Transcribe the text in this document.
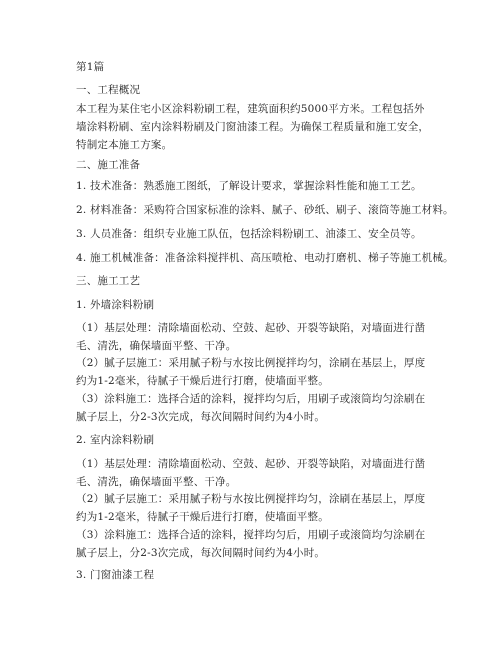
第1篇
一、工程概况
本工程为某住宅小区涂料粉刷工程，建筑面积约5000平方米。工程包括外墙涂料粉刷、室内涂料粉刷及门窗油漆工程。为确保工程质量和施工安全，特制定本施工方案。
二、施工准备
1. 技术准备：熟悉施工图纸，了解设计要求，掌握涂料性能和施工工艺。
2. 材料准备：采购符合国家标准的涂料、腻子、砂纸、刷子、滚筒等施工材料。
3. 人员准备：组织专业施工队伍，包括涂料粉刷工、油漆工、安全员等。
4. 施工机械准备：准备涂料搅拌机、高压喷枪、电动打磨机、梯子等施工机械。
三、施工工艺
1. 外墙涂料粉刷
（1）基层处理：清除墙面松动、空鼓、起砂、开裂等缺陷，对墙面进行凿毛、清洗，确保墙面平整、干净。
（2）腻子层施工：采用腻子粉与水按比例搅拌均匀，涂刷在基层上，厚度约为1-2毫米，待腻子干燥后进行打磨，使墙面平整。
（3）涂料施工：选择合适的涂料，搅拌均匀后，用刷子或滚筒均匀涂刷在腻子层上，分2-3次完成，每次间隔时间约为4小时。
2. 室内涂料粉刷
（1）基层处理：清除墙面松动、空鼓、起砂、开裂等缺陷，对墙面进行凿毛、清洗，确保墙面平整、干净。
（2）腻子层施工：采用腻子粉与水按比例搅拌均匀，涂刷在基层上，厚度约为1-2毫米，待腻子干燥后进行打磨，使墙面平整。
（3）涂料施工：选择合适的涂料，搅拌均匀后，用刷子或滚筒均匀涂刷在腻子层上，分2-3次完成，每次间隔时间约为4小时。
3. 门窗油漆工程
